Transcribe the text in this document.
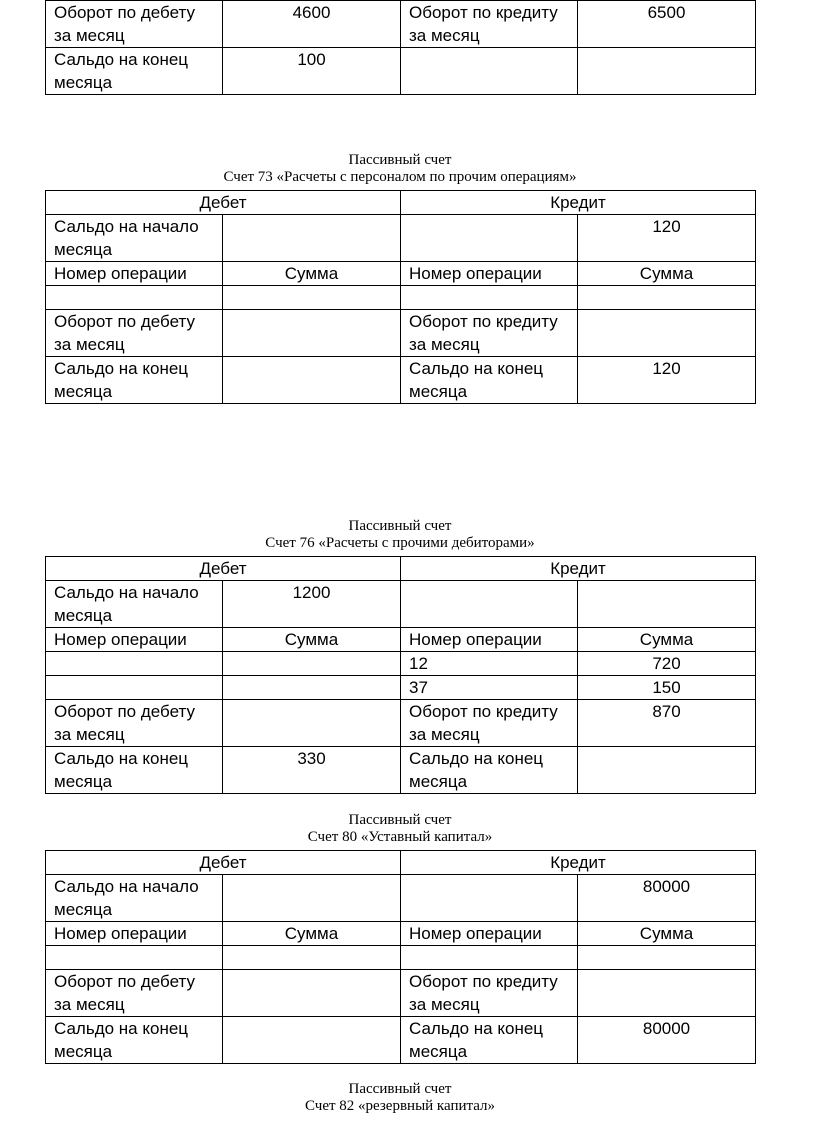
Оборот по дебету за месяц	4600	Оборот по кредиту за месяц	6500
Сальдо на конец месяца	100		
Пассивный счет
Счет 73 «Расчеты с персоналом по прочим операциям»
Дебет		Кредит	
Сальдо на начало месяца			120
Номер операции	Сумма	Номер операции	Сумма

Оборот по дебету за месяц		Оборот по кредиту за месяц	
Сальдо на конец месяца		Сальдо на конец месяца	120
Пассивный счет
Счет 76 «Расчеты с прочими дебиторами»
Дебет		Кредит	
Сальдо на начало месяца	1200		
Номер операции	Сумма	Номер операции	Сумма
		12	720
		37	150
Оборот по дебету за месяц		Оборот по кредиту за месяц	870
Сальдо на конец месяца	330	Сальдо на конец месяца	
Пассивный счет
Счет 80 «Уставный капитал»
Дебет		Кредит	
Сальдо на начало месяца			80000
Номер операции	Сумма	Номер операции	Сумма

Оборот по дебету за месяц		Оборот по кредиту за месяц	
Сальдо на конец месяца		Сальдо на конец месяца	80000
Пассивный счет
Счет 82 «резервный капитал»
